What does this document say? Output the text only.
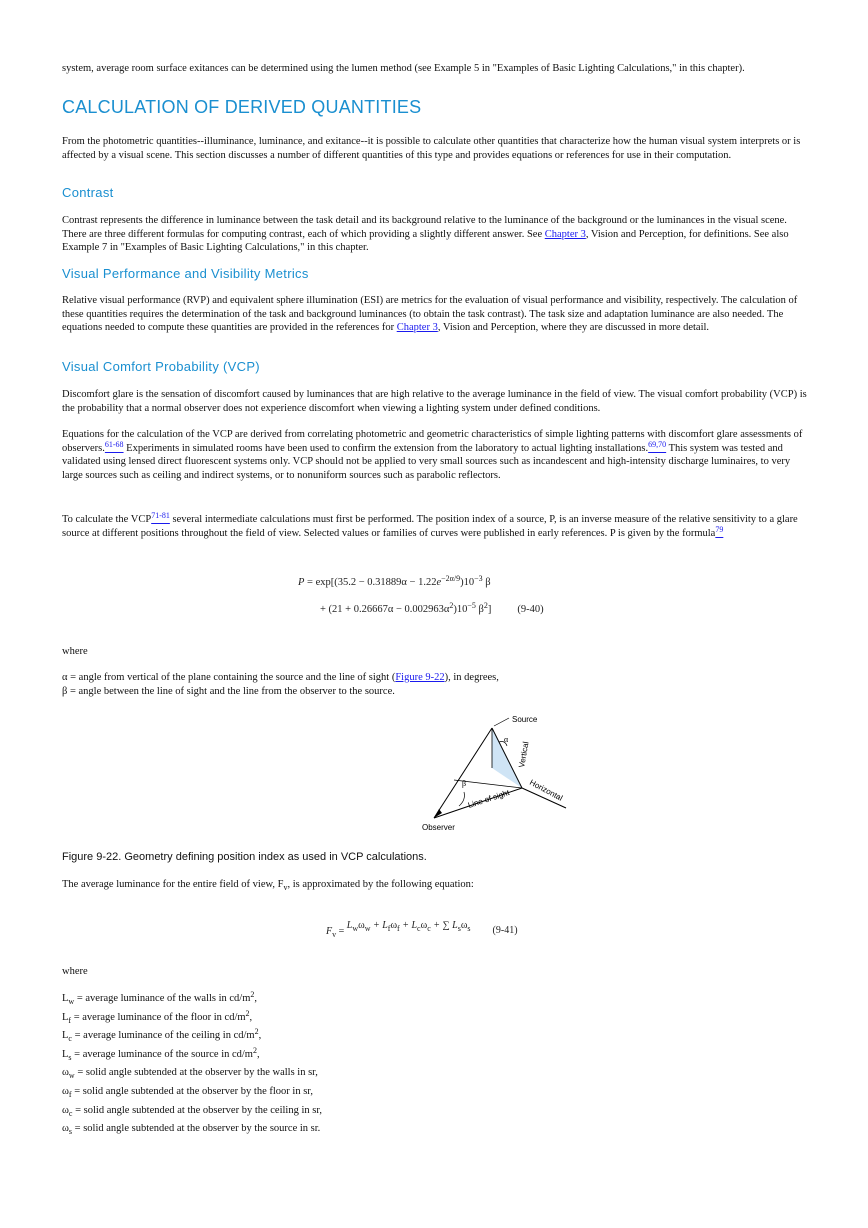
system, average room surface exitances can be determined using the lumen method (see Example 5 in "Examples of Basic Lighting Calculations," in this chapter).

CALCULATION OF DERIVED QUANTITIES

From the photometric quantities--illuminance, luminance, and exitance--it is possible to calculate other quantities that characterize how the human visual system interprets or is affected by a visual scene. This section discusses a number of different quantities of this type and provides equations or references for use in their computation.

Contrast

Contrast represents the difference in luminance between the task detail and its background relative to the luminance of the background or the luminances in the visual scene. There are three different formulas for computing contrast, each of which providing a slightly different answer. See Chapter 3, Vision and Perception, for definitions. See also Example 7 in "Examples of Basic Lighting Calculations," in this chapter.

Visual Performance and Visibility Metrics

Relative visual performance (RVP) and equivalent sphere illumination (ESI) are metrics for the evaluation of visual performance and visibility, respectively. The calculation of these quantities requires the determination of the task and background luminances (to obtain the task contrast). The task size and adaptation luminance are also needed. The equations needed to compute these quantities are provided in the references for Chapter 3, Vision and Perception, where they are discussed in more detail.

Visual Comfort Probability (VCP)

Discomfort glare is the sensation of discomfort caused by luminances that are high relative to the average luminance in the field of view. The visual comfort probability (VCP) is the probability that a normal observer does not experience discomfort when viewing a lighting system under defined conditions.

Equations for the calculation of the VCP are derived from correlating photometric and geometric characteristics of simple lighting patterns with discomfort glare assessments of observers.$^{61-68}$ Experiments in simulated rooms have been used to confirm the extension from the laboratory to actual lighting installations.$^{69,70}$ This system was tested and validated using lensed direct fluorescent systems only. VCP should not be applied to very small sources such as incandescent and high-intensity discharge luminaires, to very large sources such as ceiling and indirect systems, or to nonuniform sources such as parabolic reflectors.

To calculate the VCP$^{71-81}$ several intermediate calculations must first be performed. The position index of a source, P, is an inverse measure of the relative sensitivity to a glare source at different positions throughout the field of view. Selected values or families of curves were published in early references. P is given by the formula$^{79}$

$P = \exp[(35.2 - 0.31889\alpha - 1.22e^{-2\alpha/9})10^{-3}$ β
+ $(21 + 0.26667\alpha - 0.002963\alpha^2)10^{-5}$ $\beta^2$] (9-40)

where

α = angle from vertical of the plane containing the source and the line of sight (Figure 9-22), in degrees,

β = angle between the line of sight and the line from the observer to the source.

Source
α
Vertical
β	Horizontal
Line of sight
Observer
Figure 9-22. Geometry defining position index as used in VCP calculations.

The average luminance for the entire field of view, $F_v$, is approximated by the following equation:

$F_v = L_w\omega_w + L_f\omega_f + L_c\omega_c$ + ∑ $L_s\omega_s$ (9-41)

where

$L_w$ = average luminance of the walls in $cd/m^2$,
$L_f$ = average luminance of the floor in $cd/m^2$,
$L_c$ = average luminance of the ceiling in $cd/m^2$,
$L_s$ = average luminance of the source in $cd/m^2$,
$\omega_w$ = solid angle subtended at the observer by the walls in sr,
$\omega_f$ = solid angle subtended at the observer by the floor in sr,
$\omega_c$ = solid angle subtended at the observer by the ceiling in sr,
$\omega_s$ = solid angle subtended at the observer by the source in sr.
